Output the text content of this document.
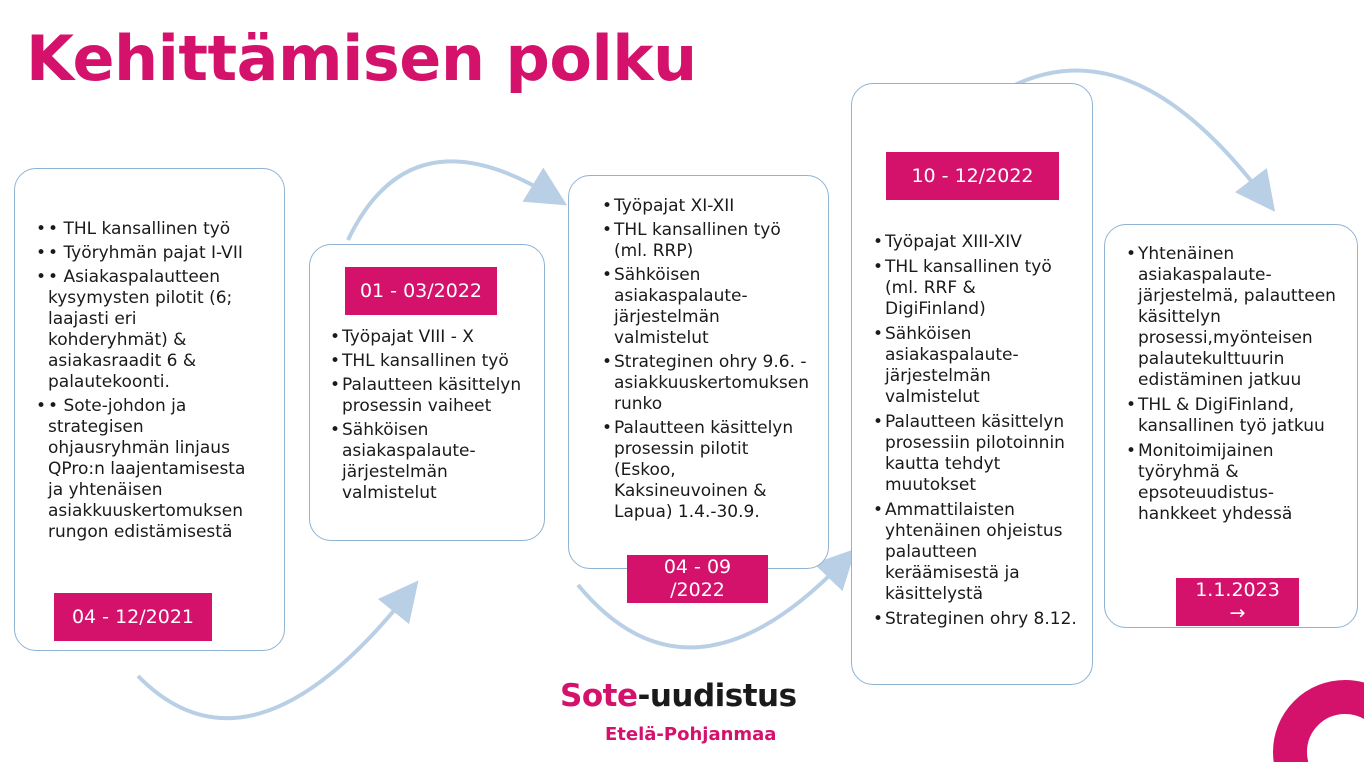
Kehittämisen polku
• • THL kansallinen työ
• • Työryhmän pajat I-VII
• • Asiakaspalautteen kysymysten pilotit (6; laajasti eri kohderyhmät) & asiakasraadit 6 & palautekoonti.
• • Sote-johdon ja strategisen ohjausryhmän linjaus QPro:n laajentamisesta ja yhtenäisen asiakkuuskertomuksen rungon edistämisestä
04 - 12/2021
01 - 03/2022
• Työpajat VIII - X
• THL kansallinen työ
• Palautteen käsittelyn prosessin vaiheet
• Sähköisen asiakaspalaute-järjestelmän valmistelut
• Työpajat XI-XII
• THL kansallinen työ (ml. RRP)
• Sähköisen asiakaspalaute-järjestelmän valmistelut
• Strateginen ohry 9.6. - asiakkuuskertomuksen runko
• Palautteen käsittelyn prosessin pilotit (Eskoo, Kaksineuvoinen & Lapua) 1.4.-30.9.
04 - 09 /2022
10 - 12/2022
• Työpajat XIII-XIV
• THL kansallinen työ (ml. RRF & DigiFinland)
• Sähköisen asiakaspalaute-järjestelmän valmistelut
• Palautteen käsittelyn prosessiin pilotoinnin kautta tehdyt muutokset
• Ammattilaisten yhtenäinen ohjeistus palautteen keräämisestä ja käsittelystä
• Strateginen ohry 8.12.
• Yhtenäinen asiakaspalaute-järjestelmä, palautteen käsittelyn prosessi,myönteisen palautekulttuurin edistäminen jatkuu
• THL & DigiFinland, kansallinen työ jatkuu
• Monitoimijainen työryhmä & epsoteuudistus-hankkeet yhdessä
1.1.2023 →
Sote-uudistus
Etelä-Pohjanmaa
